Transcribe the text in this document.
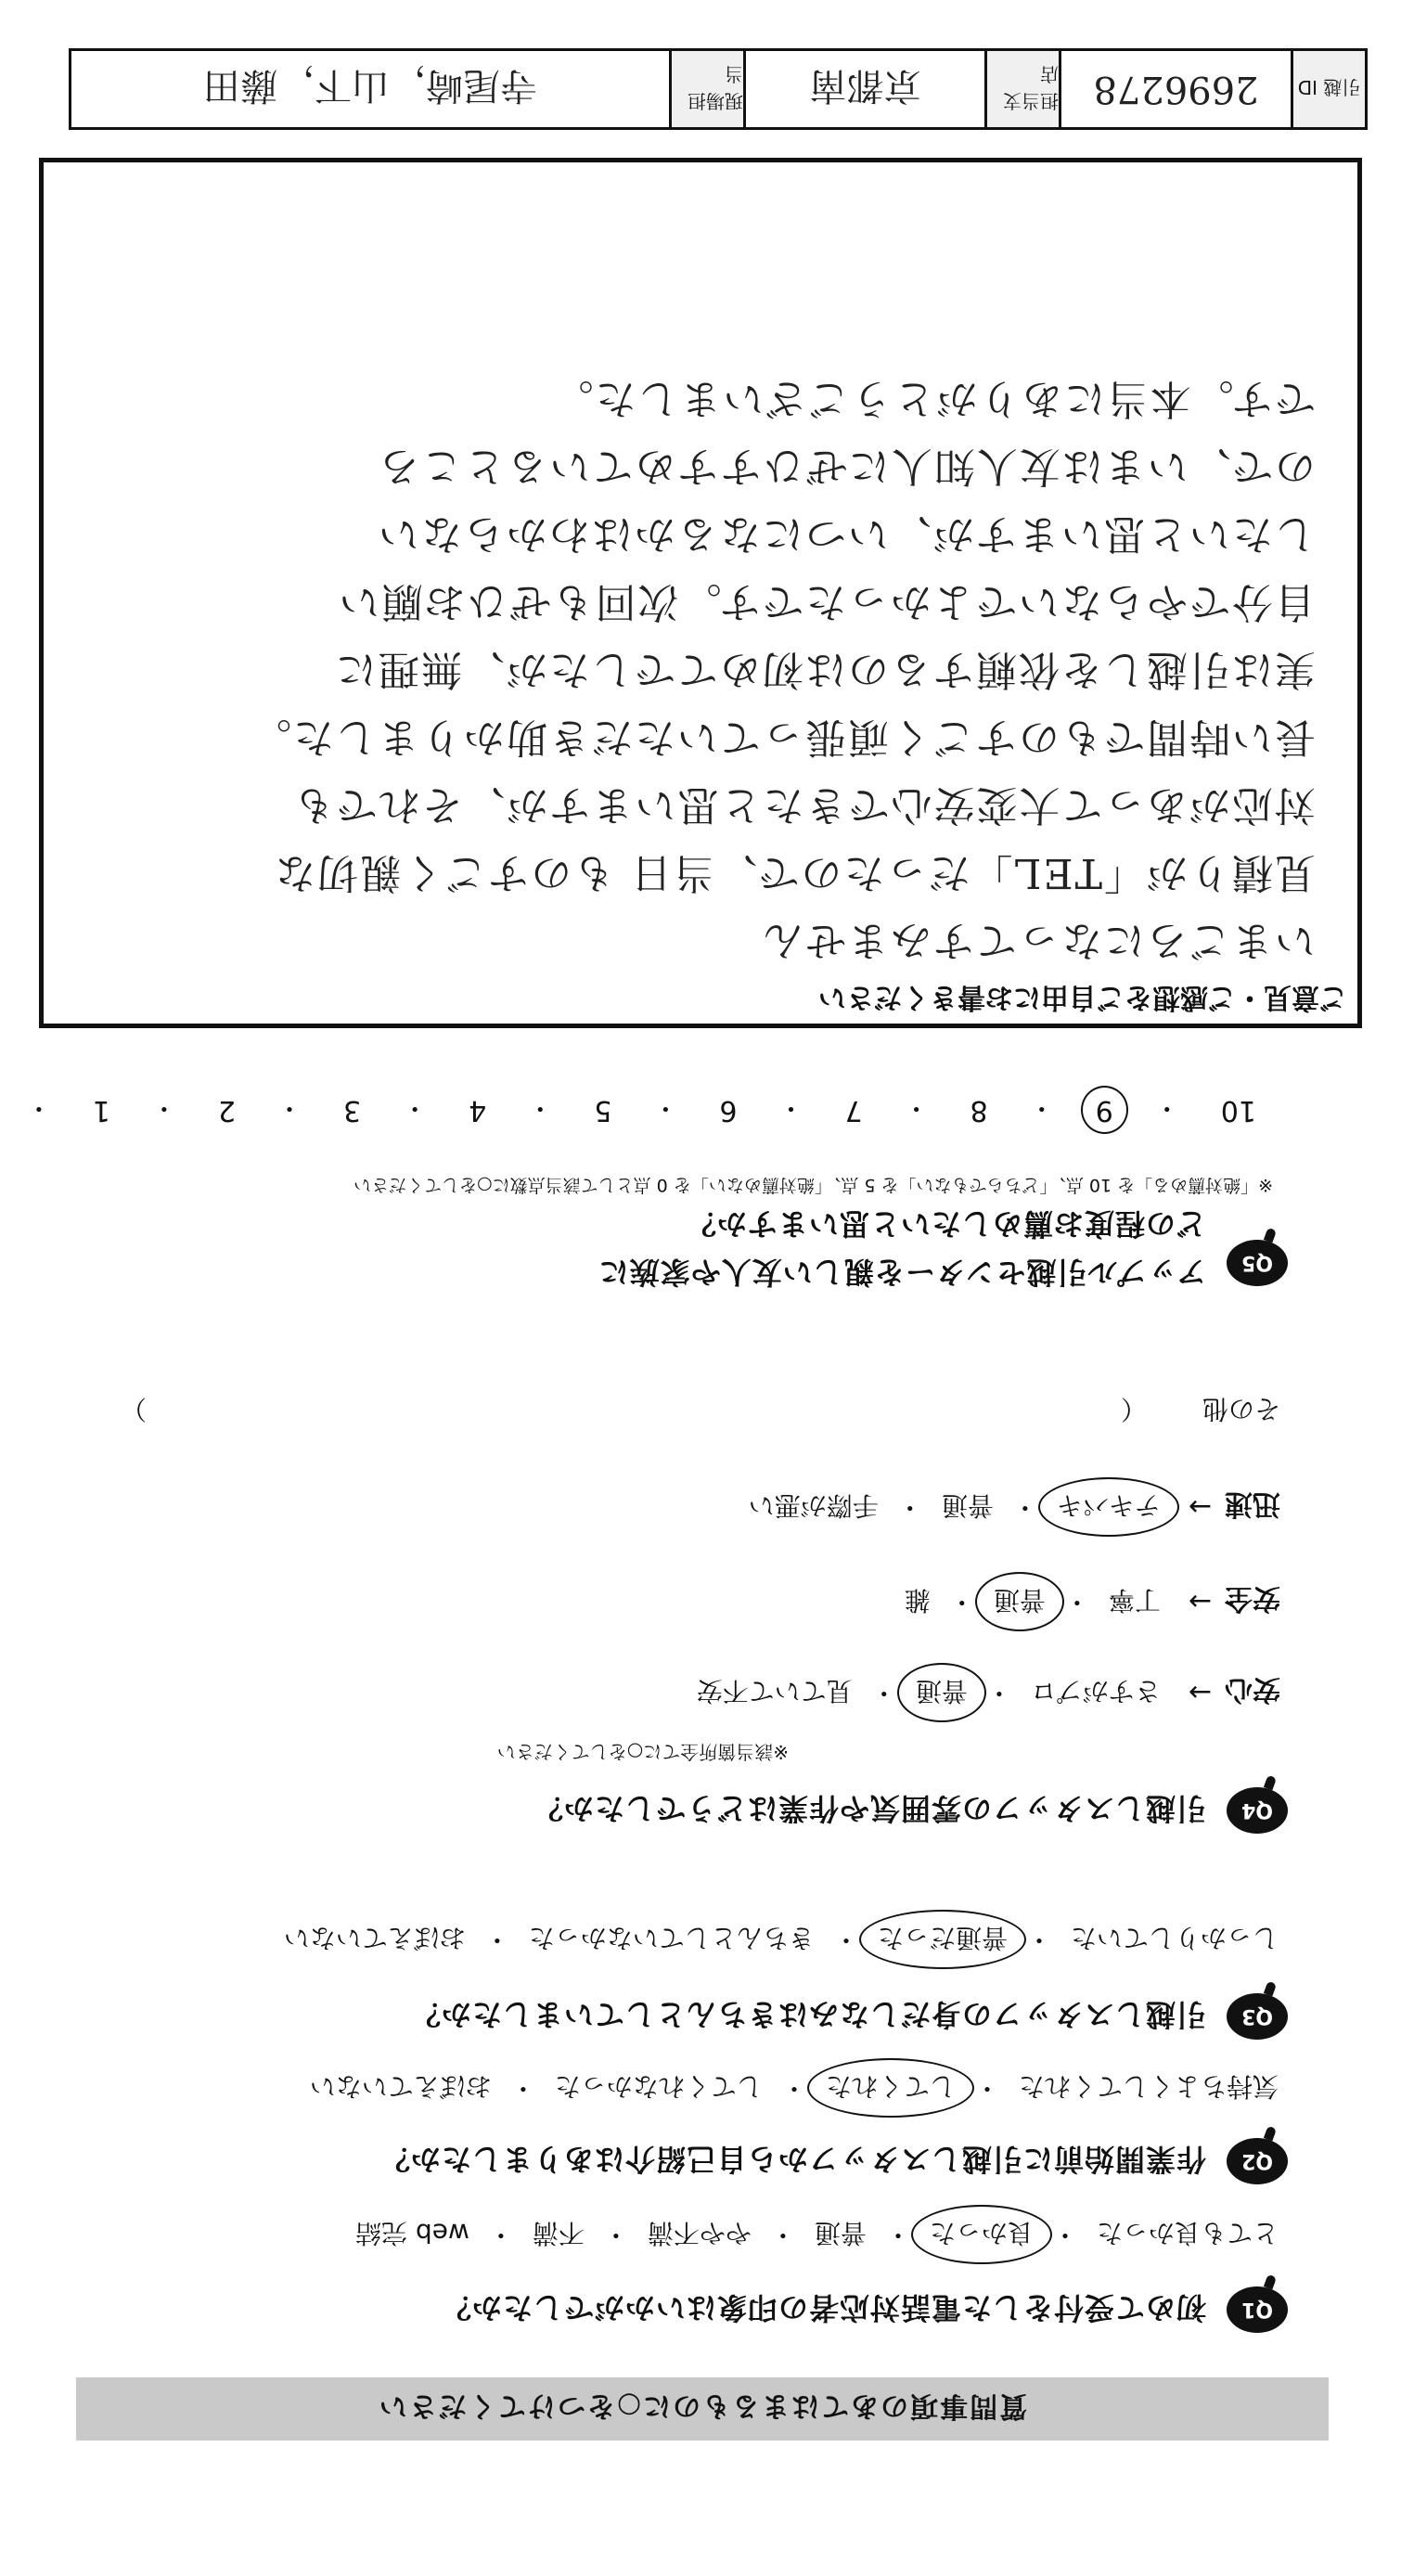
質問事項のあてはまるものに○をつけてください
Q1
初めて受付をした電話対応者の印象はいかがでしたか？
とても良かった
・
良かった
・
普通
・
やや不満
・
不満
・
web 完結
Q2
作業開始前に引越しスタッフから自己紹介はありましたか？
気持ちよくしてくれた
・
してくれた
・
してくれなかった
・
おぼえていない
Q3
引越しスタッフの身だしなみはきちんとしていましたか？
しっかりしていた
・
普通だった
・
きちんとしていなかった
・
おぼえていない
Q4
引越しスタッフの雰囲気や作業はどうでしたか？
※該当箇所全てに○をしてください
安心
→
さすがプロ
・
普通
・
見ていて不安
安全
→
丁寧
・
普通
・
雑
迅速
→
テキパキ
・
普通
・
手際が悪い
その他
（
）
Q5
アップル引越センターを親しい友人や家族に
どの程度お薦めしたいと思いますか？
※「絶対薦める」を 10 点、「どちらでもない」を 5 点、「絶対薦めない」を 0 点として該当点数に○をしてください
10
・
9
・
8
・
7
・
6
・
5
・
4
・
3
・
2
・
1
・
ご意見・ご感想をご自由にお書きください
いまごろになってすみません
見積りが「TEL」だったので、当日 ものすごく親切な
対応があって大変安心できたと思いますが、それでも
長い時間でものすごく頑張っていただき助かりました。
実は引越しを依頼するのは初めてでしたが、無理に
自分でやらないでよかったです。次回もぜひお願い
したいと思いますが、いつになるかはわからない
ので、いまは友人知人にぜひすすめているところ
です。本当にありがとうございました。
引越 ID
2696278
担当支店
京都南
現場担当
寺尾崎，山下，藤田
